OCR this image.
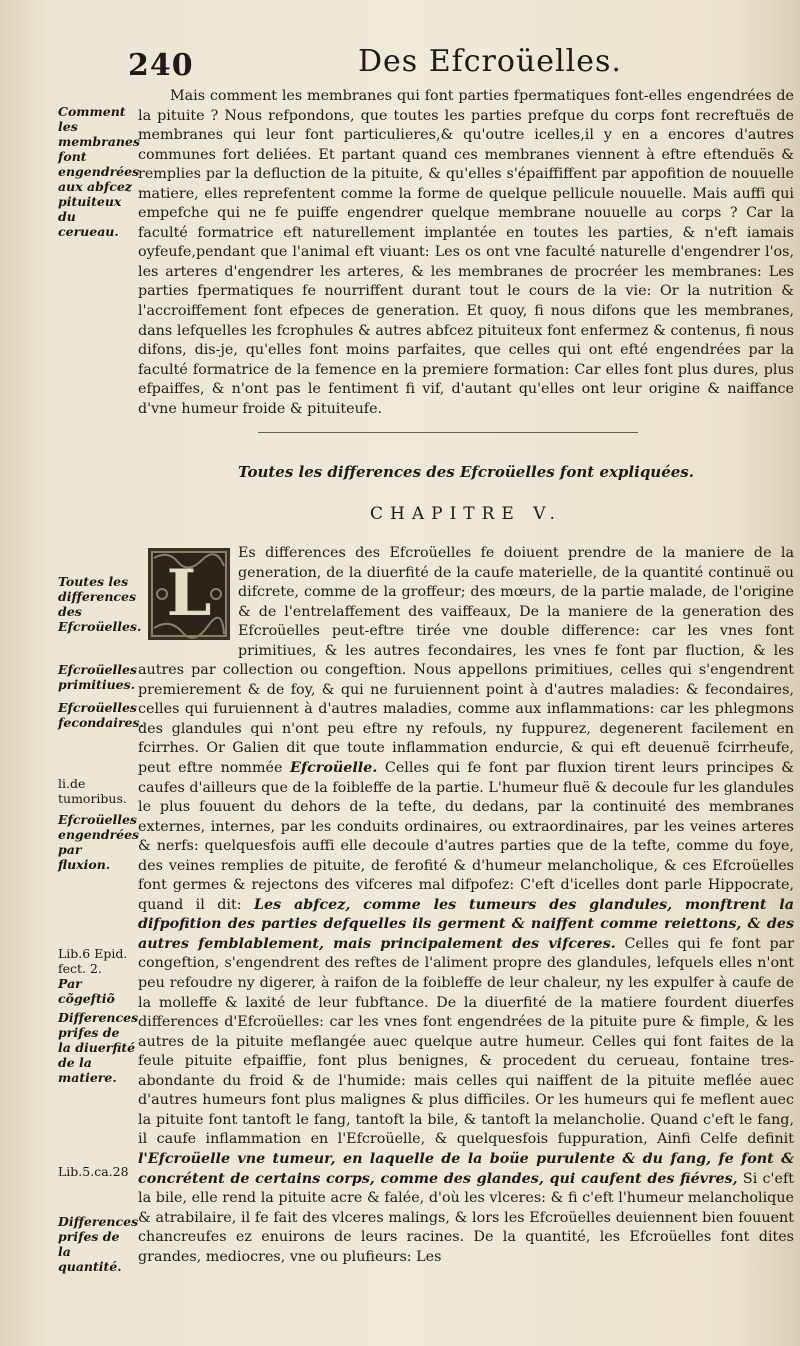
240	Des Efcroüelles.
Comment les membranes font engendrées aux abfcez pituiteux du cerueau.
Toutes les differences des Efcroüelles.
Efcroüelles primitiues.
Efcroüelles fecondaires.
li.de tumoribus.
Efcroüelles engendrées par fluxion.
Lib.6 Epid. fect. 2.
Par cõgeftiõ
Differences prifes de la diuerfité de la matiere.
Lib.5.ca.28
Differences prifes de la quantité.

Mais comment les membranes qui font parties fpermatiques font-elles engendrées de la pituite ? Nous refpondons, que toutes les parties prefque du corps font recreftuës de membranes qui leur font particulieres,& qu'outre icelles,il y en a encores d'autres communes fort deliées. Et partant quand ces membranes viennent à eftre eftenduës & remplies par la defluction de la pituite, & qu'elles s'épaiffiffent par appofition de nouuelle matiere, elles reprefentent comme la forme de quelque pellicule nouuelle. Mais auffi qui empefche qui ne fe puiffe engendrer quelque membrane nouuelle au corps ? Car la faculté formatrice eft naturellement implantée en toutes les parties, & n'eft iamais oyfeufe,pendant que l'animal eft viuant: Les os ont vne faculté naturelle d'engendrer l'os, les arteres d'engendrer les arteres, & les membranes de procréer les membranes: Les parties fpermatiques fe nourriffent durant tout le cours de la vie: Or la nutrition & l'accroiffement font efpeces de generation. Et quoy, fi nous difons que les membranes, dans lefquelles les fcrophules & autres abfcez pituiteux font enfermez & contenus, fi nous difons, dis-je, qu'elles font moins parfaites, que celles qui ont efté engendrées par la faculté formatrice de la femence en la premiere formation: Car elles font plus dures, plus efpaiffes, & n'ont pas le fentiment fi vif, d'autant qu'elles ont leur origine & naiffance d'vne humeur froide & pituiteufe.

Toutes les differences des Efcroüelles font expliquées.
CHAPITRE V.
L

Es differences des Efcroüelles fe doiuent prendre de la maniere de la generation, de la diuerfité de la caufe materielle, de la quantité continuë ou difcrete, comme de la groffeur; des mœurs, de la partie malade, de l'origine & de l'entrelaffement des vaiffeaux, De la maniere de la generation des Efcroüelles peut-eftre tirée vne double difference: car les vnes font primitiues, & les autres fecondaires, les vnes fe font par fluction, & les autres par collection ou congeftion. Nous appellons primitiues, celles qui s'engendrent premierement & de foy, & qui ne furuiennent point à d'autres maladies: & fecondaires, celles qui furuiennent à d'autres maladies, comme aux inflammations: car les phlegmons des glandules qui n'ont peu eftre ny refouls, ny fuppurez, degenerent facilement en fcirrhes. Or Galien dit que toute inflammation endurcie, & qui eft deuenuë fcirrheufe, peut eftre nommée Efcroüelle. Celles qui fe font par fluxion tirent leurs principes & caufes d'ailleurs que de la foibleffe de la partie. L'humeur fluë & decoule fur les glandules le plus fouuent du dehors de la tefte, du dedans, par la continuité des membranes externes, internes, par les conduits ordinaires, ou extraordinaires, par les veines arteres & nerfs: quelquesfois auffi elle decoule d'autres parties que de la tefte, comme du foye, des veines remplies de pituite, de ferofité & d'humeur melancholique, & ces Efcroüelles font germes & rejectons des vifceres mal difpofez: C'eft d'icelles dont parle Hippocrate, quand il dit: Les abfcez, comme les tumeurs des glandules, monftrent la difpofition des parties defquelles ils germent & naiffent comme reiettons, & des autres femblablement, mais principalement des vifceres. Celles qui fe font par congeftion, s'engendrent des reftes de l'aliment propre des glandules, lefquels elles n'ont peu refoudre ny digerer, à raifon de la foibleffe de leur chaleur, ny les expulfer à caufe de la molleffe & laxité de leur fubftance. De la diuerfité de la matiere fourdent diuerfes differences d'Efcroüelles: car les vnes font engendrées de la pituite pure & fimple, & les autres de la pituite meflangée auec quelque autre humeur. Celles qui font faites de la feule pituite efpaiffie, font plus benignes, & procedent du cerueau, fontaine tres-abondante du froid & de l'humide: mais celles qui naiffent de la pituite meflée auec d'autres humeurs font plus malignes & plus difficiles. Or les humeurs qui fe meflent auec la pituite font tantoft le fang, tantoft la bile, & tantoft la melancholie. Quand c'eft le fang, il caufe inflammation en l'Efcroüelle, & quelquesfois fuppuration, Ainfi Celfe definit l'Efcroüelle vne tumeur, en laquelle de la boüe purulente & du fang, fe font & concrétent de certains corps, comme des glandes, qui caufent des fiévres, Si c'eft la bile, elle rend la pituite acre & falée, d'où les vlceres: & fi c'eft l'humeur melancholique & atrabilaire, il fe fait des vlceres malings, & lors les Efcroüelles deuiennent bien fouuent chancreufes ez enuirons de leurs racines. De la quantité, les Efcroüelles font dites grandes, mediocres, vne ou plufieurs: Les
